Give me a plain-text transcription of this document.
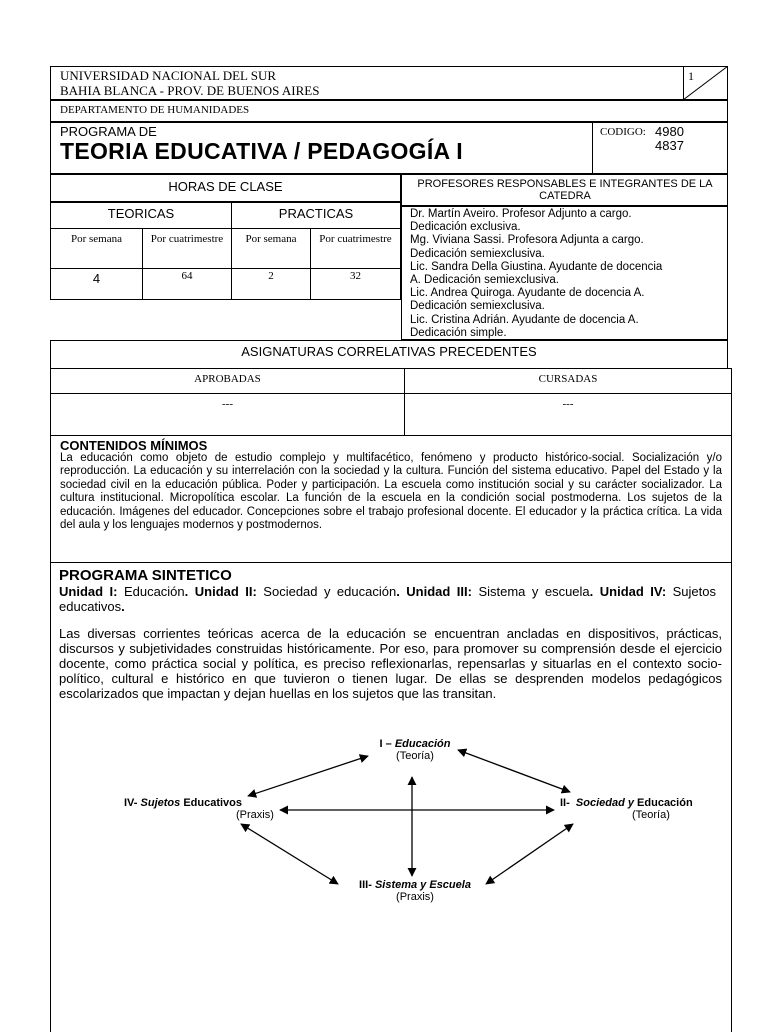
UNIVERSIDAD NACIONAL DEL SUR
BAHIA BLANCA - PROV. DE BUENOS AIRES
1
DEPARTAMENTO DE HUMANIDADES
PROGRAMA DE
TEORIA EDUCATIVA / PEDAGOGÍA I
CODIGO: 4980
4837
HORAS DE CLASE
TEORICAS	PRACTICAS
Por semana	Por cuatrimestre	Por semana	Por cuatrimestre
4	64	2	32
PROFESORES RESPONSABLES E INTEGRANTES DE LA CATEDRA
Dr. Martín Aveiro. Profesor Adjunto a cargo.
Dedicación exclusiva.
Mg. Viviana Sassi. Profesora Adjunta a cargo.
Dedicación semiexclusiva.
Lic. Sandra Della Giustina. Ayudante de docencia
A. Dedicación semiexclusiva.
Lic. Andrea Quiroga. Ayudante de docencia A.
Dedicación semiexclusiva.
Lic. Cristina Adrián. Ayudante de docencia A.
Dedicación simple.
ASIGNATURAS CORRELATIVAS PRECEDENTES
APROBADAS	CURSADAS
---	---
CONTENIDOS MÍNIMOS
La educación como objeto de estudio complejo y multifacético, fenómeno y producto histórico-social. Socialización y/o reproducción. La educación y su interrelación con la sociedad y la cultura. Función del sistema educativo. Papel del Estado y la sociedad civil en la educación pública. Poder y participación. La escuela como institución social y su carácter socializador. La cultura institucional. Micropolítica escolar. La función de la escuela en la condición social postmoderna. Los sujetos de la educación. Imágenes del educador. Concepciones sobre el trabajo profesional docente. El educador y la práctica crítica. La vida del aula y los lenguajes modernos y postmodernos.
PROGRAMA SINTETICO
Unidad I: Educación. Unidad II: Sociedad y educación. Unidad III: Sistema y escuela. Unidad IV: Sujetos educativos.
Las diversas corrientes teóricas acerca de la educación se encuentran ancladas en dispositivos, prácticas, discursos y subjetividades construidas históricamente. Por eso, para promover su comprensión desde el ejercicio docente, como práctica social y política, es preciso reflexionarlas, repensarlas y situarlas en el contexto socio-político, cultural e histórico en que tuvieron o tienen lugar. De ellas se desprenden modelos pedagógicos escolarizados que impactan y dejan huellas en los sujetos que las transitan.
I – Educación
(Teoría)
II- Sociedad y Educación
(Teoría)
IV- Sujetos Educativos
(Praxis)
III- Sistema y Escuela
(Praxis)
